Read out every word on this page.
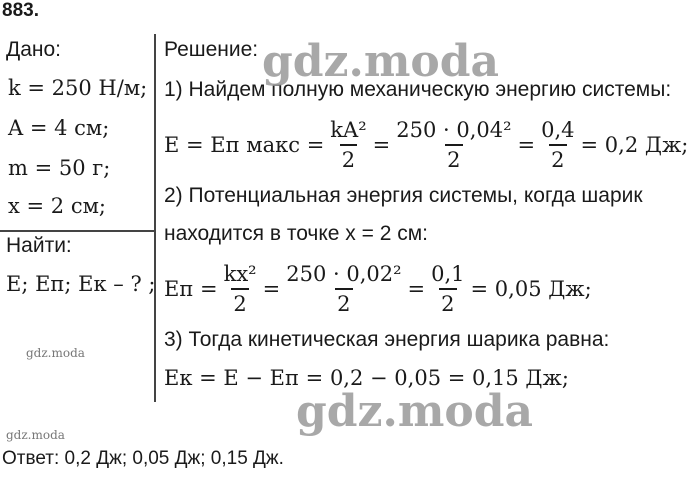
883.
Дано:
k = 250 Н/м;
A = 4 см;
m = 50 г;
x = 2 см;
Найти:
E; Eп; Eк – ? ;
Решение:
1) Найдем полную механическую энергию системы:
E = Eп макс = $\frac{\text{kA²}}{2} = \frac{\text{250 · 0,04²}}{2} = \frac{0,4}{2} = 0,2$ Дж;
2) Потенциальная энергия системы, когда шарик
находится в точке x = 2 см:
Eп = $\frac{\text{kx²}}{2} = \frac{\text{250 · 0,02²}}{2} = \frac{0,1}{2} = 0,05$ Дж;
3) Тогда кинетическая энергия шарика равна:
Eк = E − Eп = 0,2 − 0,05 = 0,15 Дж;
Ответ: 0,2 Дж; 0,05 Дж; 0,15 Дж.
gdz.moda
gdz.moda
gdz.moda
gdz.moda
